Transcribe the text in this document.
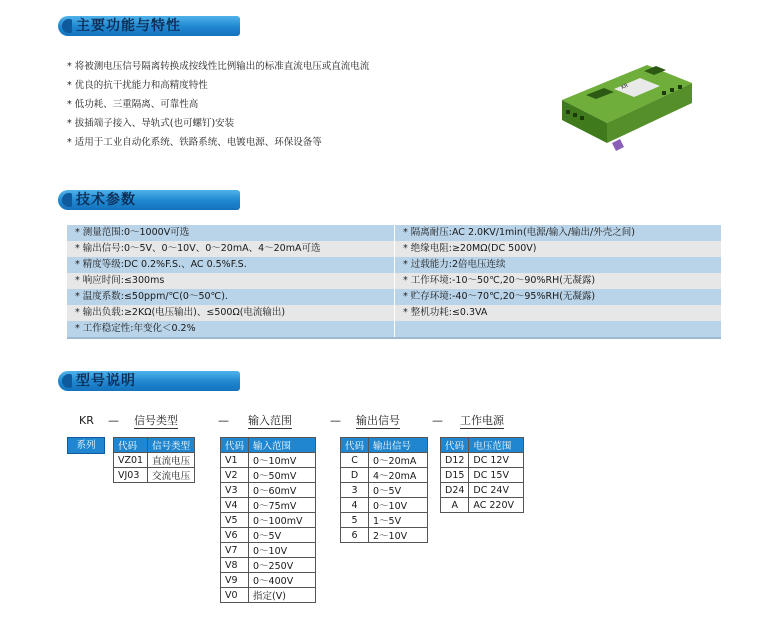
主要功能与特性
* 将被测电压信号隔离转换成按线性比例输出的标准直流电压或直流电流
* 优良的抗干扰能力和高精度特性
* 低功耗、三重隔离、可靠性高
* 拔插端子接入、导轨式(也可螺钉)安装
* 适用于工业自动化系统、铁路系统、电镀电源、环保设备等
KR
技术参数
* 测量范围:0～1000V可选	* 隔离耐压:AC 2.0KV/1min(电源/输入/输出/外壳之间)
* 输出信号:0～5V、0～10V、0～20mA、4～20mA可选	* 绝缘电阻:≥20MΩ(DC 500V)
* 精度等级:DC 0.2%F.S.、AC 0.5%F.S.	* 过载能力:2倍电压连续
* 响应时间:≤300ms	* 工作环境:-10～50℃,20～90%RH(无凝露)
* 温度系数:≤50ppm/℃(0～50℃).	* 贮存环境:-40～70℃,20～95%RH(无凝露)
* 输出负载:≥2KΩ(电压输出)、≤500Ω(电流输出)	* 整机功耗:≤0.3VA
* 工作稳定性:年变化＜0.2%
型号说明
KR — 信号类型	— 输入范围	— 输出信号	— 工作电源
系列	代码	信号类型
VZ01	直流电压
VJ03	交流电压
代码	输入范围
V1	0～10mV
V2	0～50mV
V3	0～60mV
V4	0～75mV
V5	0～100mV
V6	0～5V
V7	0～10V
V8	0～250V
V9	0～400V
V0	指定(V)
代码	输出信号
C	0～20mA
D	4～20mA
3	0～5V
4	0～10V
5	1～5V
6	2～10V
代码	电压范围
D12	DC 12V
D15	DC 15V
D24	DC 24V
A	AC 220V
